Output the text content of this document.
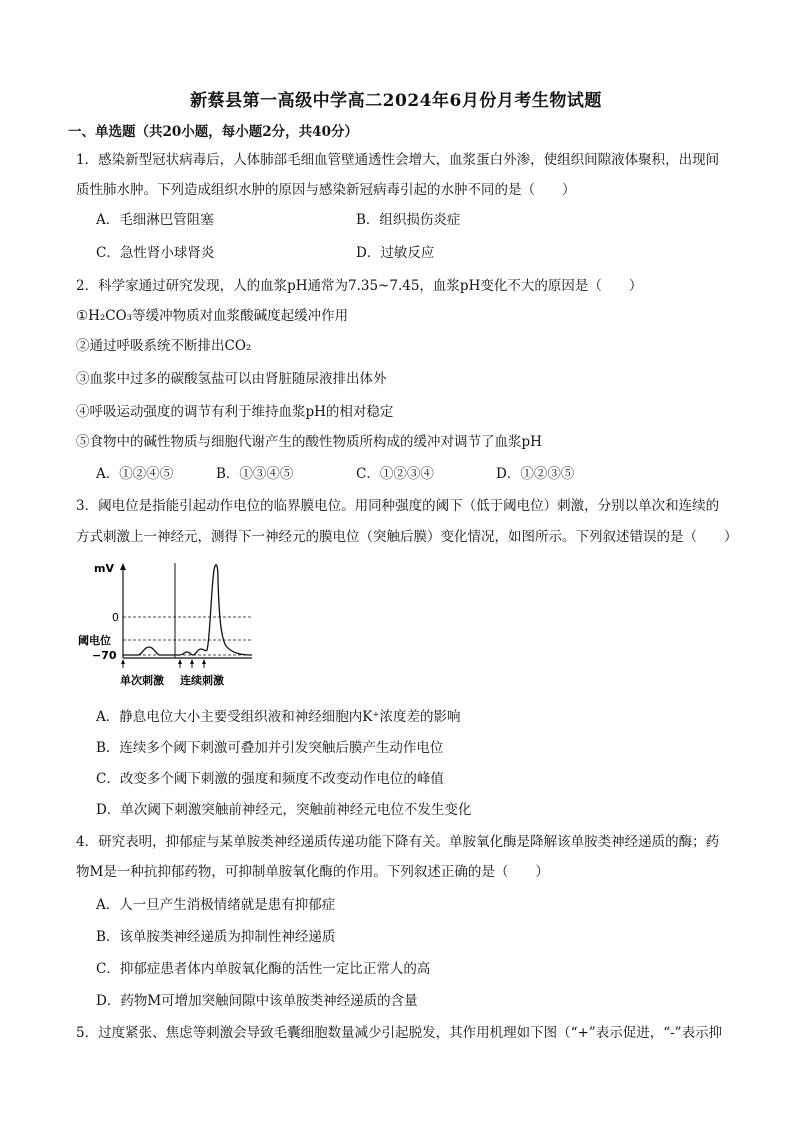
新蔡县第一高级中学高二2024年6月份月考生物试题
一、单选题（共20小题，每小题2分，共40分）
1．感染新型冠状病毒后，人体肺部毛细血管壁通透性会增大，血浆蛋白外渗，使组织间隙液体聚积，出现间
质性肺水肿。下列造成组织水肿的原因与感染新冠病毒引起的水肿不同的是（　　）
A．毛细淋巴管阻塞	B．组织损伤炎症
C．急性肾小球肾炎	D．过敏反应
2．科学家通过研究发现，人的血浆pH通常为7.35~7.45，血浆pH变化不大的原因是（　　）
①H₂CO₃等缓冲物质对血浆酸碱度起缓冲作用
②通过呼吸系统不断排出CO₂
③血浆中过多的碳酸氢盐可以由肾脏随尿液排出体外
④呼吸运动强度的调节有利于维持血浆pH的相对稳定
⑤食物中的碱性物质与细胞代谢产生的酸性物质所构成的缓冲对调节了血浆pH
A．①②④⑤	B．①③④⑤	C．①②③④	D．①②③⑤
3．阈电位是指能引起动作电位的临界膜电位。用同种强度的阈下（低于阈电位）刺激，分别以单次和连续的
方式刺激上一神经元，测得下一神经元的膜电位（突触后膜）变化情况，如图所示。下列叙述错误的是（　　）
mV
0
阈电位
−70
单次刺激 连续刺激
A．静息电位大小主要受组织液和神经细胞内K⁺浓度差的影响
B．连续多个阈下刺激可叠加并引发突触后膜产生动作电位
C．改变多个阈下刺激的强度和频度不改变动作电位的峰值
D．单次阈下刺激突触前神经元，突触前神经元电位不发生变化
4．研究表明，抑郁症与某单胺类神经递质传递功能下降有关。单胺氧化酶是降解该单胺类神经递质的酶；药
物M是一种抗抑郁药物，可抑制单胺氧化酶的作用。下列叙述正确的是（　　）
A．人一旦产生消极情绪就是患有抑郁症
B．该单胺类神经递质为抑制性神经递质
C．抑郁症患者体内单胺氧化酶的活性一定比正常人的高
D．药物M可增加突触间隙中该单胺类神经递质的含量
5．过度紧张、焦虑等刺激会导致毛囊细胞数量减少引起脱发，其作用机理如下图（“+”表示促进，“-”表示抑
